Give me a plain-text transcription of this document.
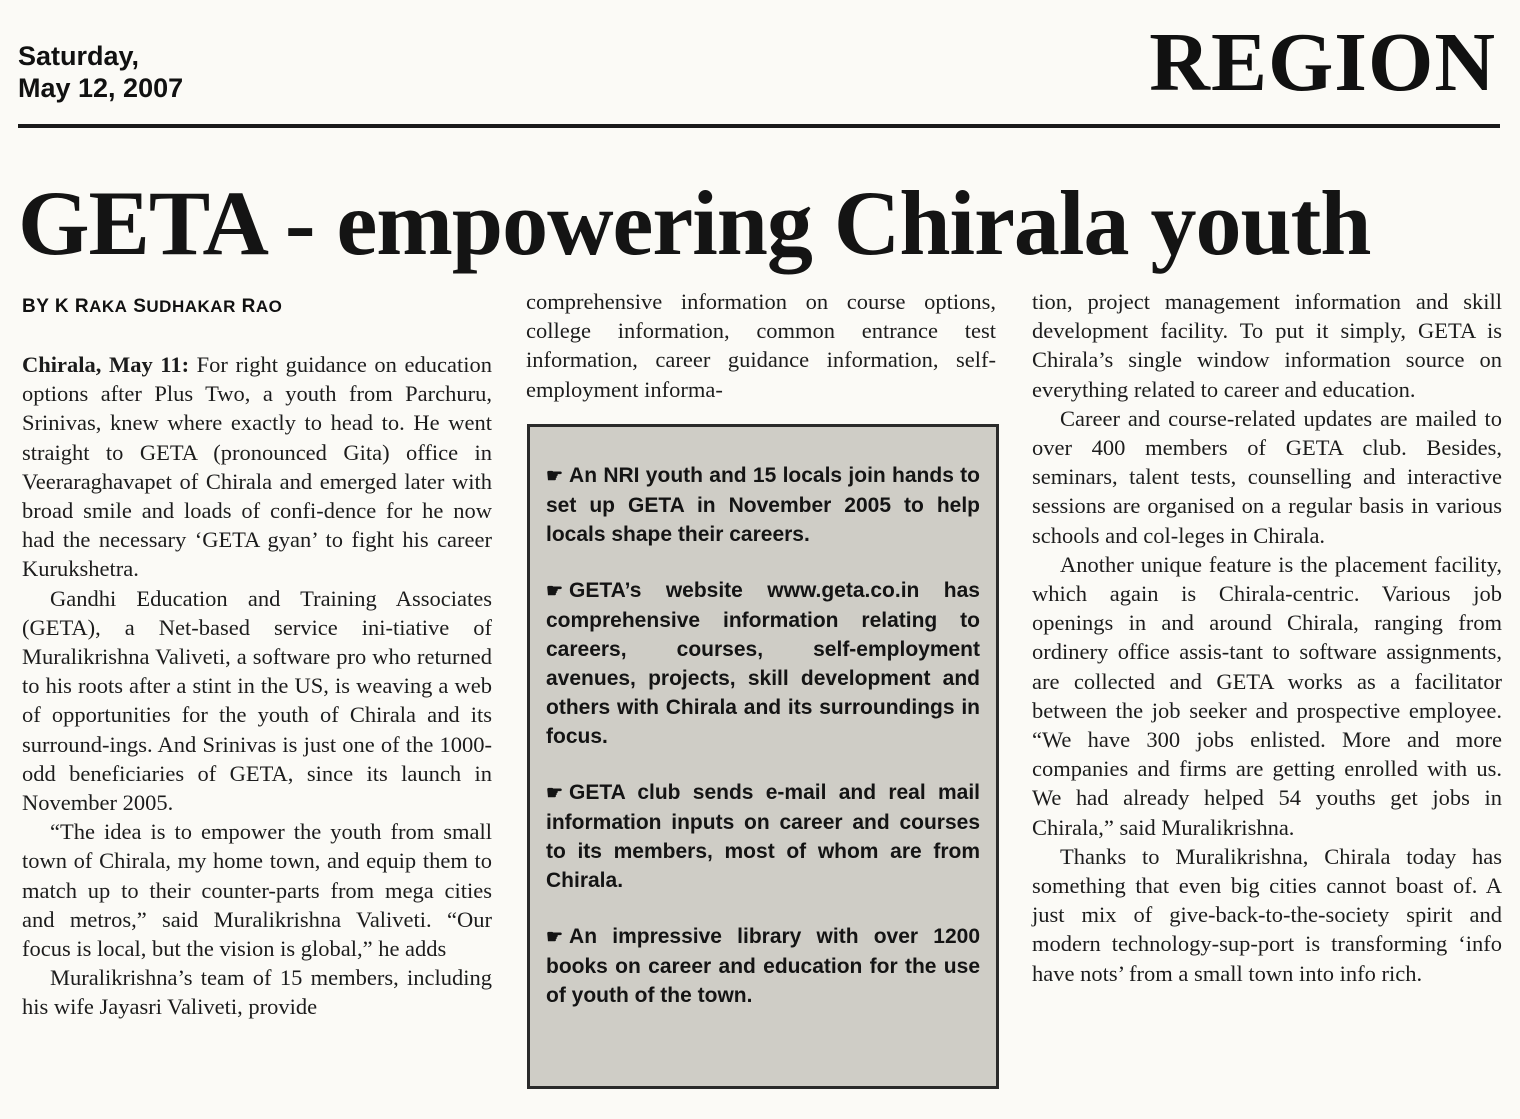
Saturday,
May 12, 2007	REGION
GETA - empowering Chirala youth
BY K RAKA SUDHAKAR RAO

Chirala, May 11: For right guidance on education options after Plus Two, a youth from Parchuru, Srinivas, knew where exactly to head to. He went straight to GETA (pronounced Gita) office in Veeraraghavapet of Chirala and emerged later with broad smile and loads of confi-dence for he now had the necessary ‘GETA gyan’ to fight his career Kurukshetra.

Gandhi Education and Training Associates (GETA), a Net-based service ini-tiative of Muralikrishna Valiveti, a software pro who returned to his roots after a stint in the US, is weaving a web of opportunities for the youth of Chirala and its surround-ings. And Srinivas is just one of the 1000-odd beneficiaries of GETA, since its launch in November 2005.

“The idea is to empower the youth from small town of Chirala, my home town, and equip them to match up to their counter-parts from mega cities and metros,” said Muralikrishna Valiveti. “Our focus is local, but the vision is global,” he adds

Muralikrishna’s team of 15 members, including his wife Jayasri Valiveti, provide

comprehensive information on course options, college information, common entrance test information, career guidance information, self-employment informa-

☛ An NRI youth and 15 locals join hands to set up GETA in November 2005 to help locals shape their careers.

☛ GETA’s website www.geta.co.in has comprehensive information relating to careers, courses, self-employment avenues, projects, skill development and others with Chirala and its surroundings in focus.

☛ GETA club sends e-mail and real mail information inputs on career and courses to its members, most of whom are from Chirala.

☛ An impressive library with over 1200 books on career and education for the use of youth of the town.

tion, project management information and skill development facility. To put it simply, GETA is Chirala’s single window information source on everything related to career and education.

Career and course-related updates are mailed to over 400 members of GETA club. Besides, seminars, talent tests, counselling and interactive sessions are organised on a regular basis in various schools and col-leges in Chirala.

Another unique feature is the placement facility, which again is Chirala-centric. Various job openings in and around Chirala, ranging from ordinery office assis-tant to software assignments, are collected and GETA works as a facilitator between the job seeker and prospective employee. “We have 300 jobs enlisted. More and more companies and firms are getting enrolled with us. We had already helped 54 youths get jobs in Chirala,” said Muralikrishna.

Thanks to Muralikrishna, Chirala today has something that even big cities cannot boast of. A just mix of give-back-to-the-society spirit and modern technology-sup-port is transforming ‘info have nots’ from a small town into info rich.
